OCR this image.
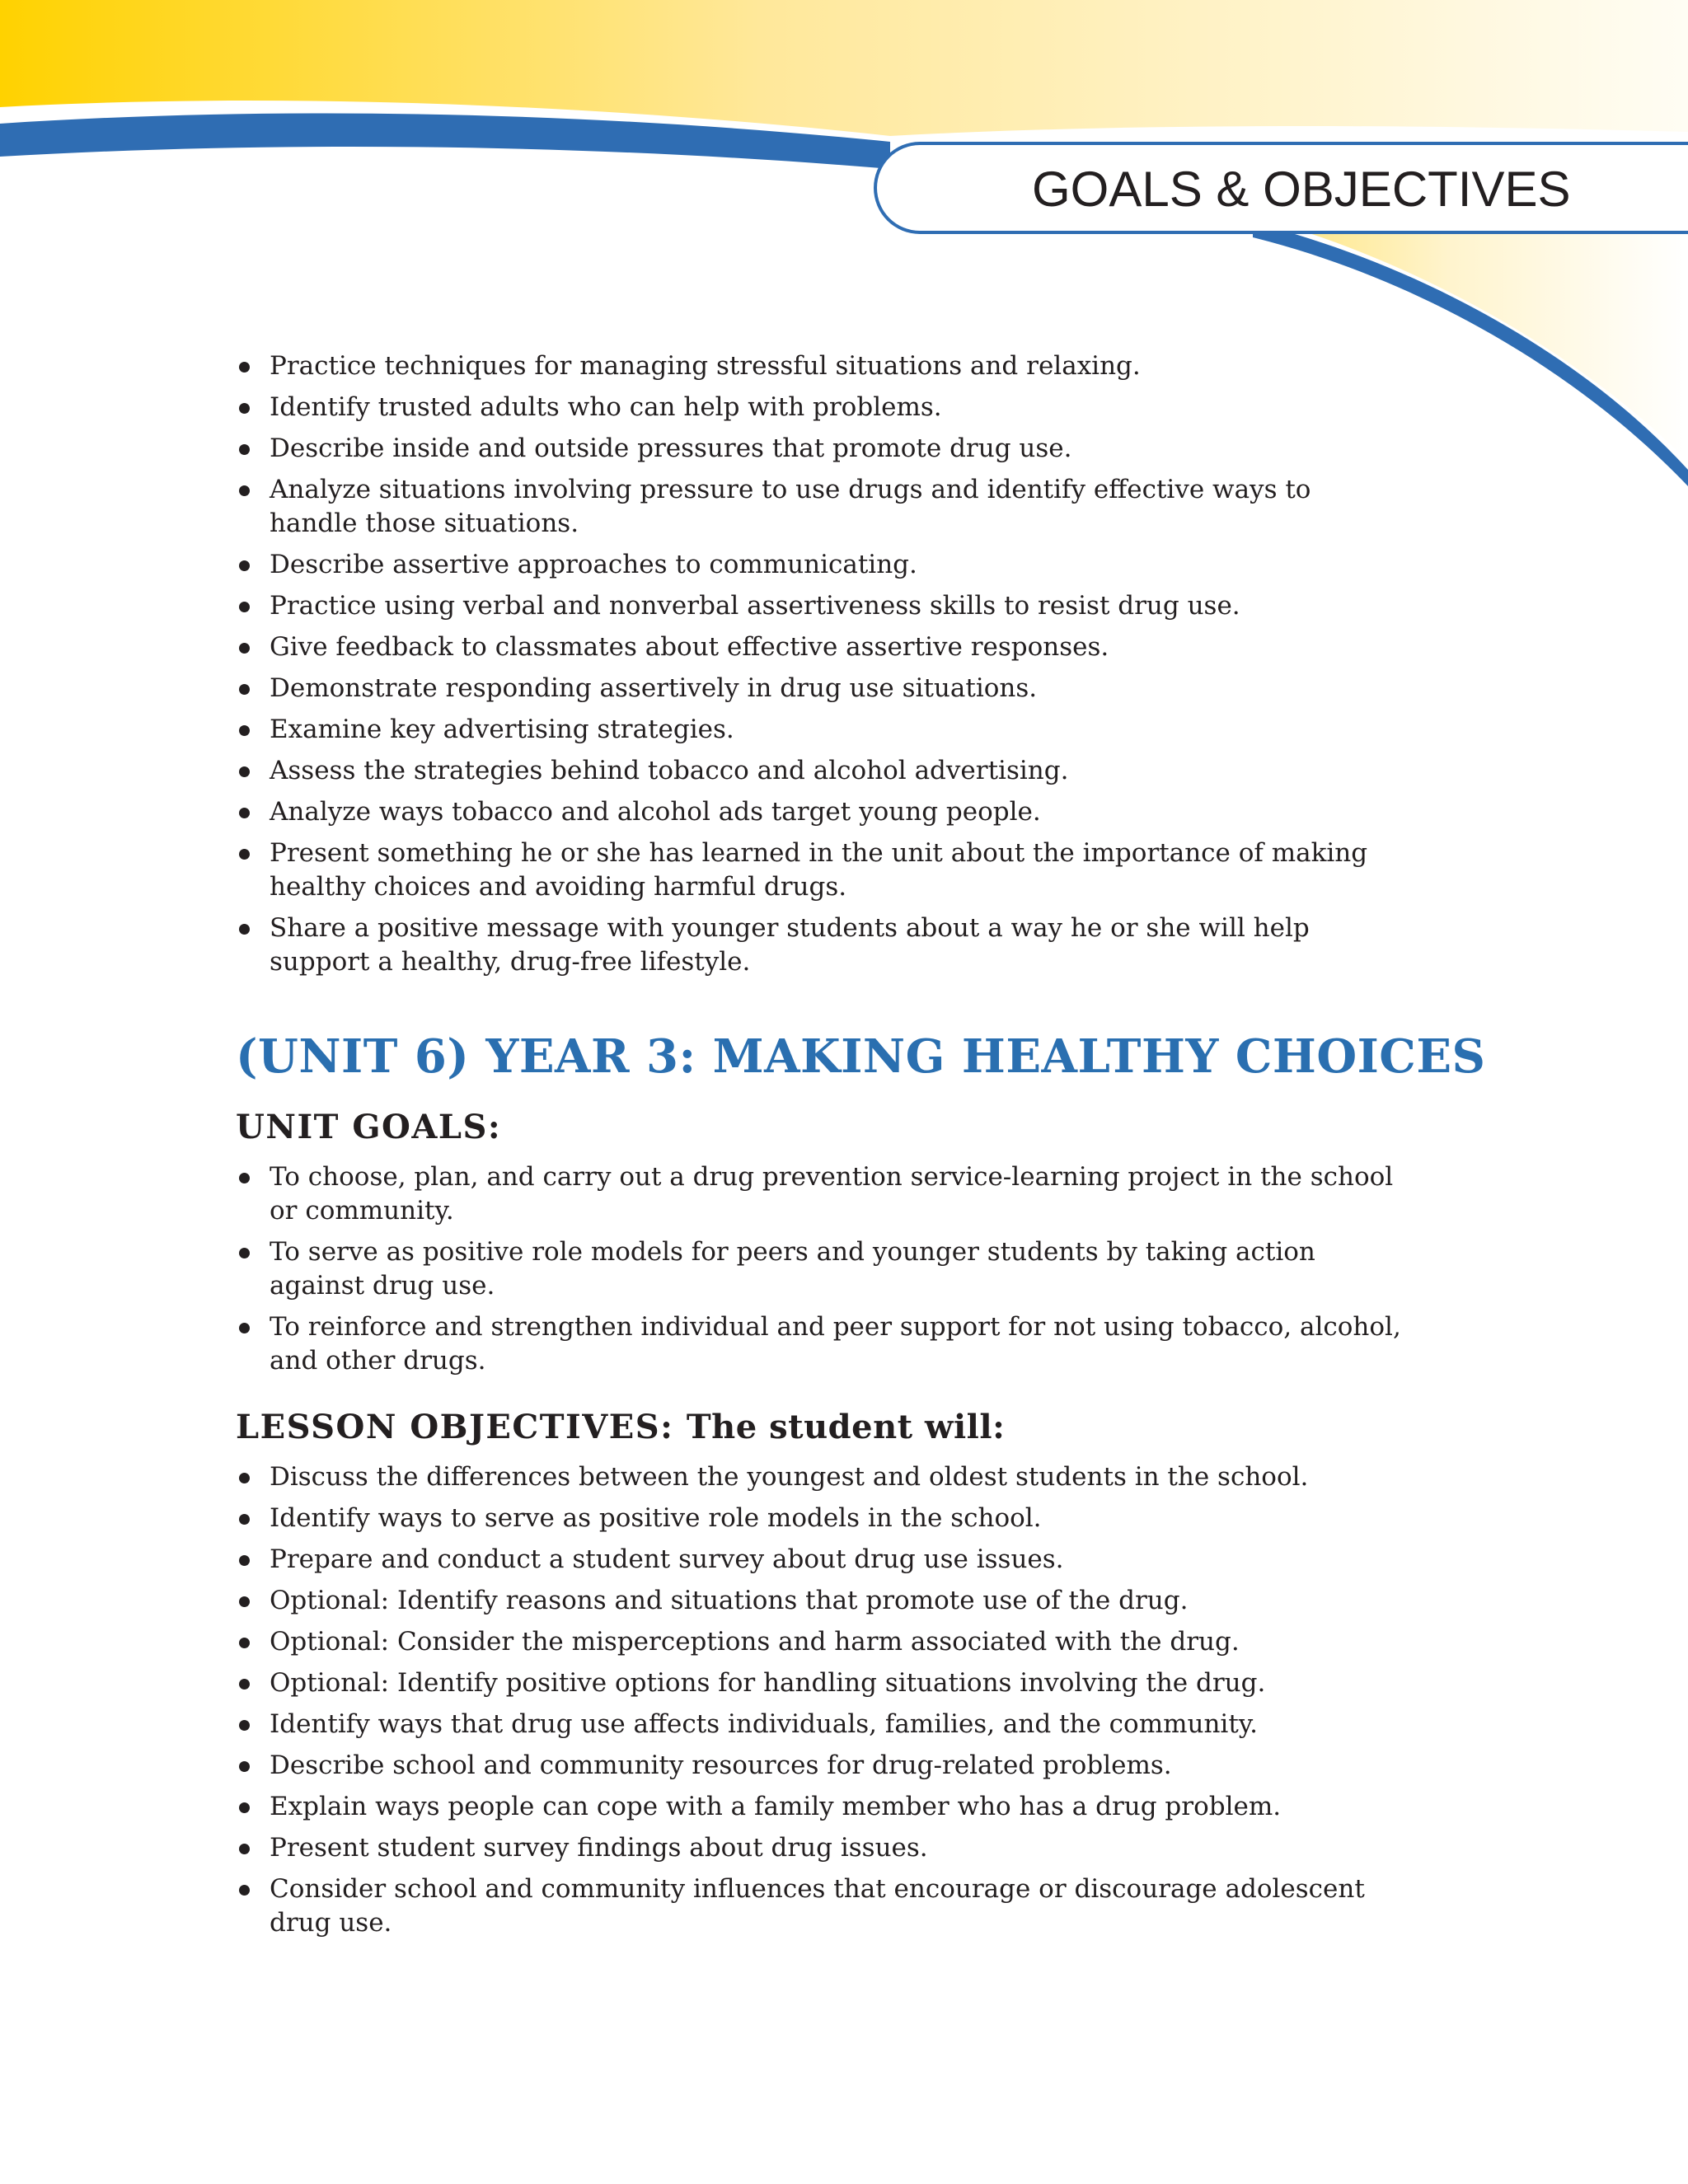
GOALS & OBJECTIVES
Practice techniques for managing stressful situations and relaxing.
Identify trusted adults who can help with problems.
Describe inside and outside pressures that promote drug use.
Analyze situations involving pressure to use drugs and identify effective ways to handle those situations.
Describe assertive approaches to communicating.
Practice using verbal and nonverbal assertiveness skills to resist drug use.
Give feedback to classmates about effective assertive responses.
Demonstrate responding assertively in drug use situations.
Examine key advertising strategies.
Assess the strategies behind tobacco and alcohol advertising.
Analyze ways tobacco and alcohol ads target young people.
Present something he or she has learned in the unit about the importance of making healthy choices and avoiding harmful drugs.
Share a positive message with younger students about a way he or she will help support a healthy, drug-free lifestyle.
(UNIT 6) YEAR 3: MAKING HEALTHY CHOICES
UNIT GOALS:
To choose, plan, and carry out a drug prevention service-learning project in the school or community.
To serve as positive role models for peers and younger students by taking action against drug use.
To reinforce and strengthen individual and peer support for not using tobacco, alcohol, and other drugs.
LESSON OBJECTIVES: The student will:
Discuss the differences between the youngest and oldest students in the school.
Identify ways to serve as positive role models in the school.
Prepare and conduct a student survey about drug use issues.
Optional: Identify reasons and situations that promote use of the drug.
Optional: Consider the misperceptions and harm associated with the drug.
Optional: Identify positive options for handling situations involving the drug.
Identify ways that drug use affects individuals, families, and the community.
Describe school and community resources for drug-related problems.
Explain ways people can cope with a family member who has a drug problem.
Present student survey findings about drug issues.
Consider school and community influences that encourage or discourage adolescent drug use.
